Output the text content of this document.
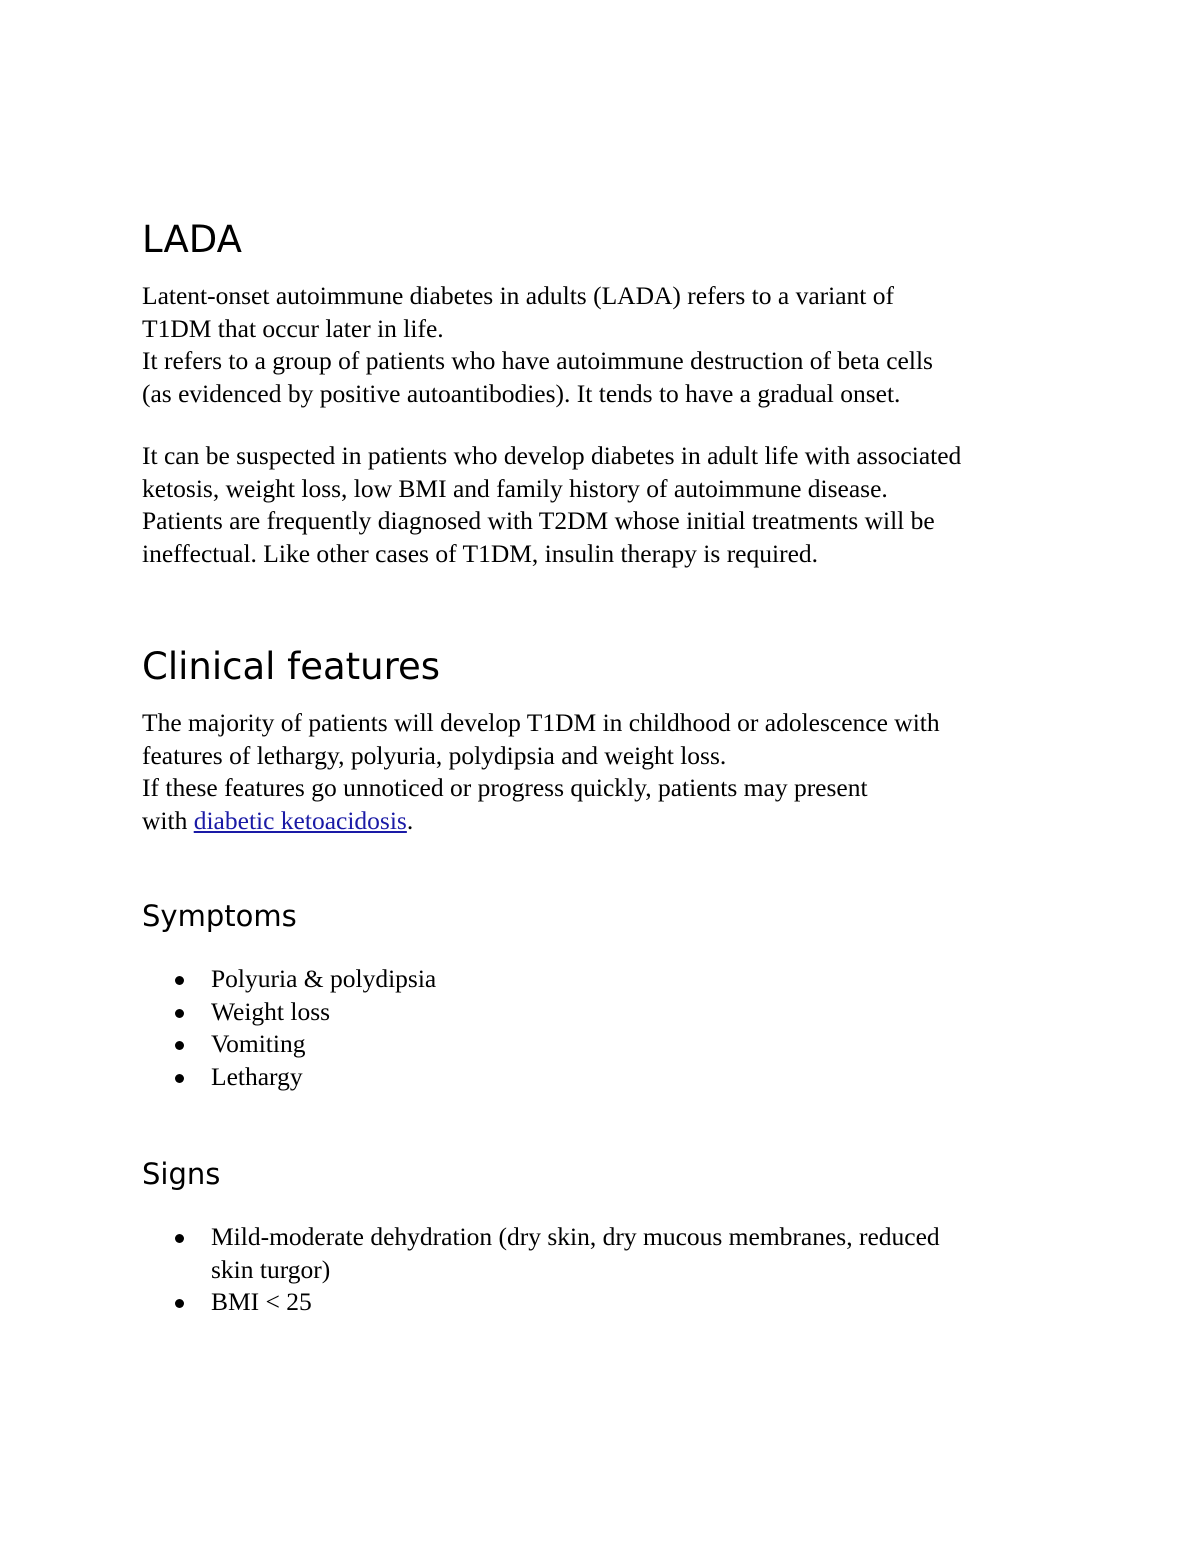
LADA

Latent-onset autoimmune diabetes in adults (LADA) refers to a variant of
T1DM that occur later in life.
It refers to a group of patients who have autoimmune destruction of beta cells
(as evidenced by positive autoantibodies). It tends to have a gradual onset.

It can be suspected in patients who develop diabetes in adult life with associated
ketosis, weight loss, low BMI and family history of autoimmune disease.
Patients are frequently diagnosed with T2DM whose initial treatments will be
ineffectual. Like other cases of T1DM, insulin therapy is required.

Clinical features

The majority of patients will develop T1DM in childhood or adolescence with
features of lethargy, polyuria, polydipsia and weight loss.
If these features go unnoticed or progress quickly, patients may present
with diabetic ketoacidosis.

Symptoms
Polyuria & polydipsia
Weight loss
Vomiting
Lethargy
Signs
Mild-moderate dehydration (dry skin, dry mucous membranes, reduced
skin turgor)
BMI < 25
